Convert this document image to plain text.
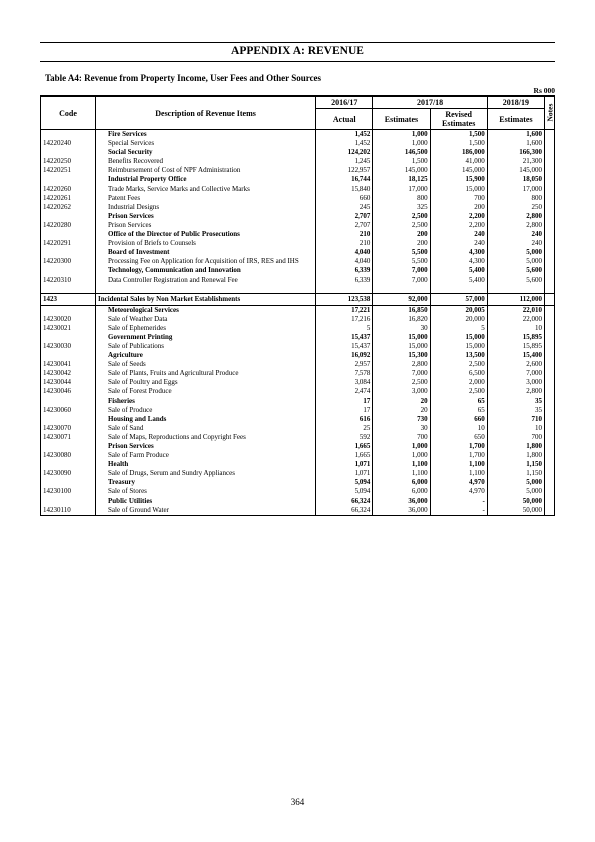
APPENDIX A: REVENUE
Table A4: Revenue from Property Income, User Fees and Other Sources
Rs 000
Code	Description of Revenue Items	2016/17	2017/18		2018/19	Notes
		Actual	Estimates	Revised Estimates	Estimates	
	Fire Services	1,452	1,000	1,500	1,600	
14220240	Special Services	1,452	1,000	1,500	1,600	
	Social Security	124,202	146,500	186,000	166,300	
14220250	Benefits Recovered	1,245	1,500	41,000	21,300	
14220251	Reimbursement of Cost of NPF Administration	122,957	145,000	145,000	145,000	
	Industrial Property Office	16,744	18,125	15,900	18,050	
14220260	Trade Marks, Service Marks and Collective Marks	15,840	17,000	15,000	17,000	
14220261	Patent Fees	660	800	700	800	
14220262	Industrial Designs	245	325	200	250	
	Prison Services	2,707	2,500	2,200	2,800	
14220280	Prison Services	2,707	2,500	2,200	2,800	
	Office of the Director of Public Prosecutions	210	200	240	240	
14220291	Provision of Briefs to Counsels	210	200	240	240	
	Board of Investment	4,040	5,500	4,300	5,000	
14220300	Processing Fee on Application for Acquisition of IRS, RES and IHS	4,040	5,500	4,300	5,000	
	Technology, Communication and Innovation	6,339	7,000	5,400	5,600	
14220310	Data Controller Registration and Renewal Fee	6,339	7,000	5,400	5,600	

1423	Incidental Sales by Non Market Establishments	123,538	92,000	57,000	112,000	
	Meteorological Services	17,221	16,850	20,005	22,010	
14230020	Sale of Weather Data	17,216	16,820	20,000	22,000	
14230021	Sale of Ephemerides	5	30	5	10	
	Government Printing	15,437	15,000	15,000	15,895	
14230030	Sale of Publications	15,437	15,000	15,000	15,895	
	Agriculture	16,092	15,300	13,500	15,400	
14230041	Sale of Seeds	2,957	2,800	2,500	2,600	
14230042	Sale of Plants, Fruits and Agricultural Produce	7,578	7,000	6,500	7,000	
14230044	Sale of Poultry and Eggs	3,084	2,500	2,000	3,000	
14230046	Sale of Forest Produce	2,474	3,000	2,500	2,800	
	Fisheries	17	20	65	35	
14230060	Sale of Produce	17	20	65	35	
	Housing and Lands	616	730	660	710	
14230070	Sale of Sand	25	30	10	10	
14230071	Sale of Maps, Reproductions and Copyright Fees	592	700	650	700	
	Prison Services	1,665	1,000	1,700	1,800	
14230080	Sale of Farm Produce	1,665	1,000	1,700	1,800	
	Health	1,071	1,100	1,100	1,150	
14230090	Sale of Drugs, Serum and Sundry Appliances	1,071	1,100	1,100	1,150	
	Treasury	5,094	6,000	4,970	5,000	
14230100	Sale of Stores	5,094	6,000	4,970	5,000	
	Public Utilities	66,324	36,000	-	50,000	
14230110	Sale of Ground Water	66,324	36,000	-	50,000	
364
